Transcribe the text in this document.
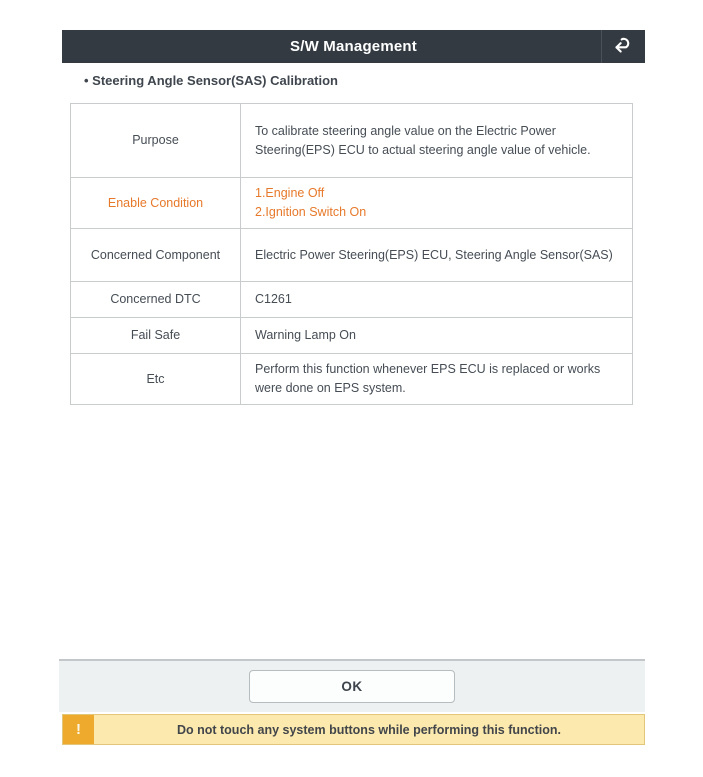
S/W Management
• Steering Angle Sensor(SAS) Calibration
Purpose	To calibrate steering angle value on the Electric Power Steering(EPS) ECU to actual steering angle value of vehicle.
Enable Condition	1.Engine Off
2.Ignition Switch On

Concerned Component	Electric Power Steering(EPS) ECU, Steering Angle Sensor(SAS)
Concerned DTC	C1261
Fail Safe	Warning Lamp On
Etc	Perform this function whenever EPS ECU is replaced or works were done on EPS system.
OK
!	Do not touch any system buttons while performing this function.
